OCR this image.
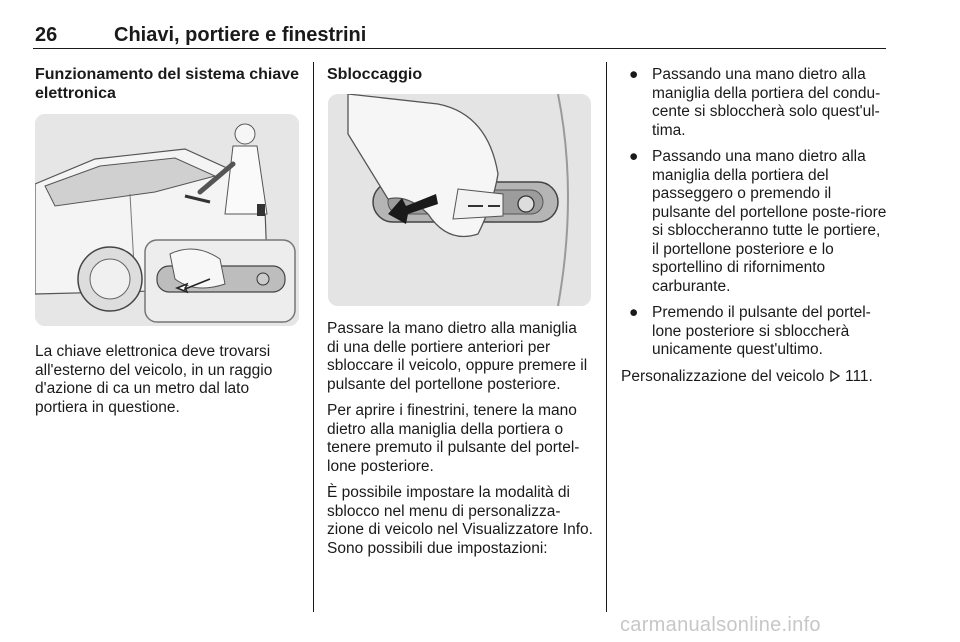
26	Chiavi, portiere e finestrini
Funzionamento del sistema chiave elettronica

La chiave elettronica deve trovarsi all'esterno del veicolo, in un raggio d'azione di ca un metro dal lato portiera in questione.

Sbloccaggio

Passare la mano dietro alla maniglia di una delle portiere anteriori per sbloccare il veicolo, oppure premere il pulsante del portellone posteriore.

Per aprire i finestrini, tenere la mano dietro alla maniglia della portiera o tenere premuto il pulsante del portel-lone posteriore.

È possibile impostare la modalità di sblocco nel menu di personalizza-zione di veicolo nel Visualizzatore Info. Sono possibili due impostazioni:

● Passando una mano dietro alla maniglia della portiera del condu-cente si sbloccherà solo quest'ul-tima.
● Passando una mano dietro alla maniglia della portiera del passeggero o premendo il pulsante del portellone poste-riore si sbloccheranno tutte le portiere, il portellone posteriore e lo sportellino di rifornimento carburante.
● Premendo il pulsante del portel-lone posteriore si sbloccherà unicamente quest'ultimo.

Personalizzazione del veicolo 111.

carmanualsonline.info
